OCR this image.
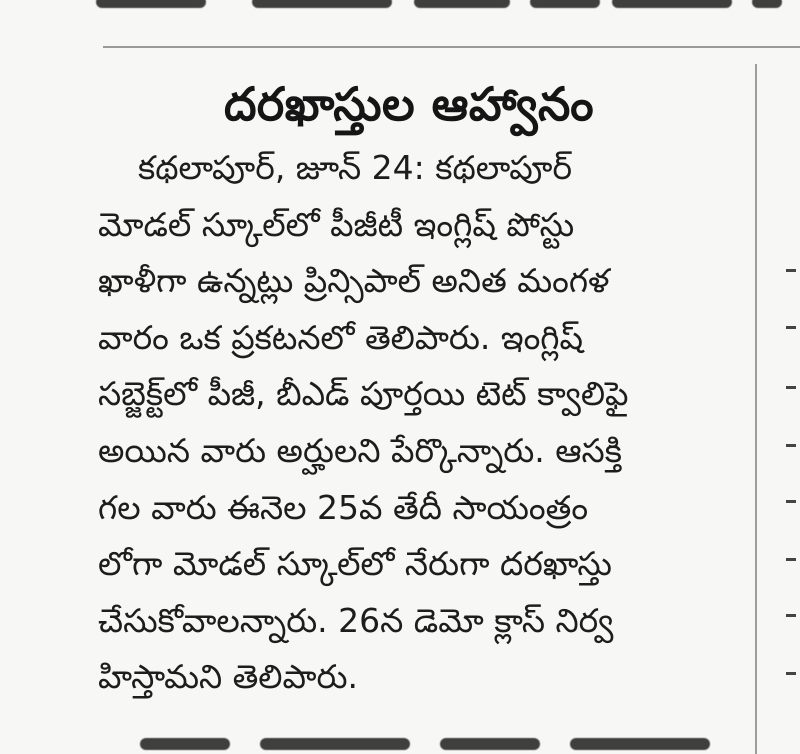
దరఖాస్తుల ఆహ్వానం
కథలాపూర్, జూన్ 24: కథలాపూర్
మోడల్ స్కూల్‌లో పీజీటీ ఇంగ్లిష్ పోస్టు
ఖాళీగా ఉన్నట్లు ప్రిన్సిపాల్ అనిత మంగళ
వారం ఒక ప్రకటనలో తెలిపారు. ఇంగ్లిష్
సబ్జెక్ట్‌లో పీజీ, బీఎడ్ పూర్తయి టెట్ క్వాలిఫై
అయిన వారు అర్హులని పేర్కొన్నారు. ఆసక్తి
గల వారు ఈనెల 25వ తేదీ సాయంత్రం
లోగా మోడల్ స్కూల్‌లో నేరుగా దరఖాస్తు
చేసుకోవాలన్నారు. 26న డెమో క్లాస్ నిర్వ
హిస్తామని తెలిపారు.
